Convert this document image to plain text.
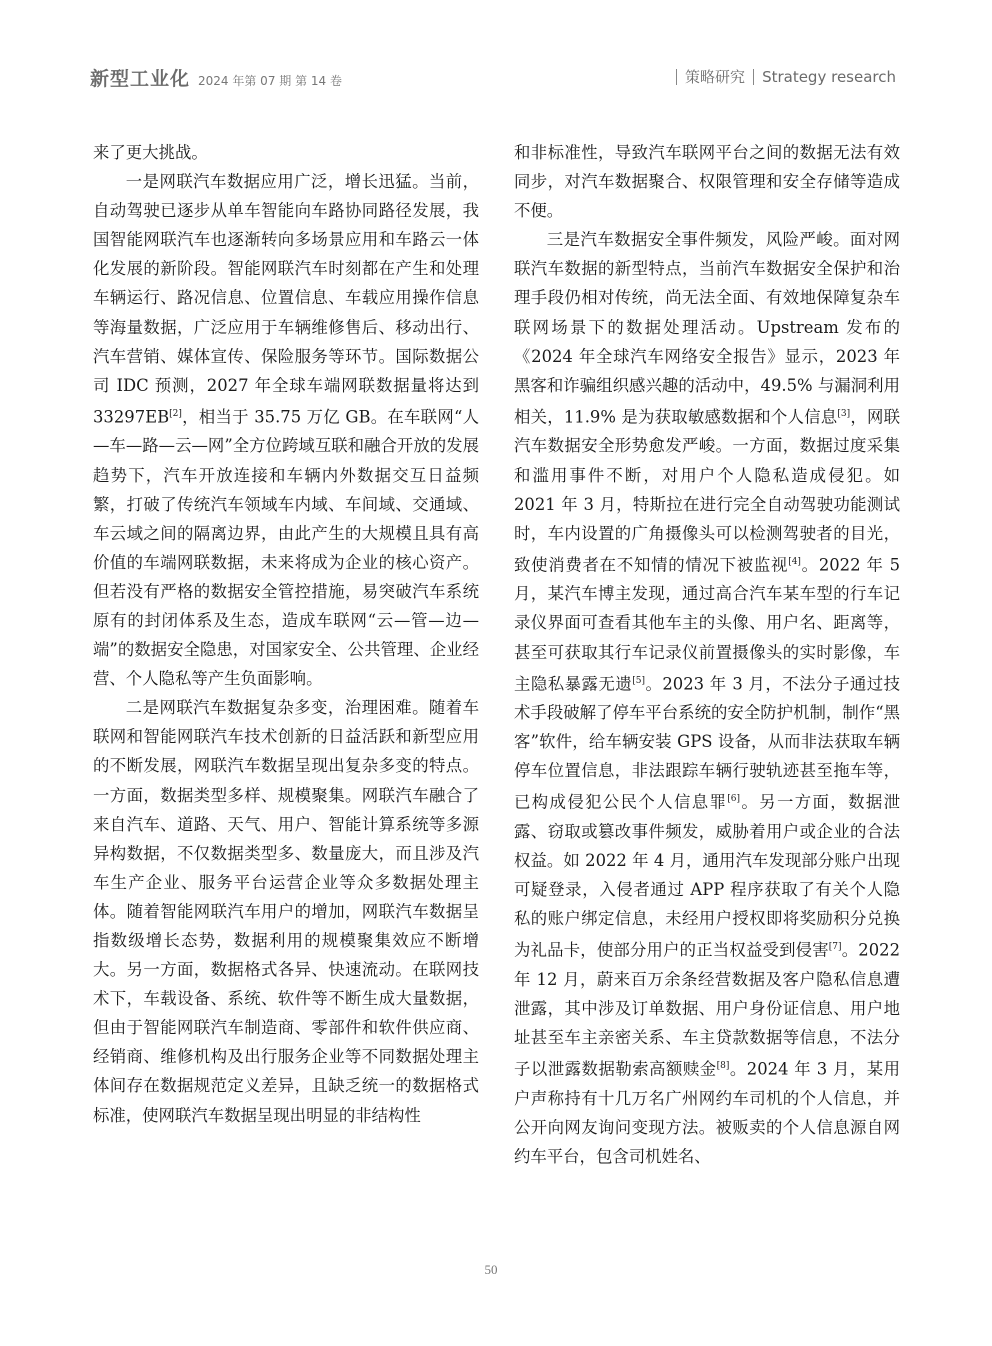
新型工业化 2024 年第 07 期 第 14 卷	策略研究 Strategy research

来了更大挑战。

一是网联汽车数据应用广泛，增长迅猛。当前，自动驾驶已逐步从单车智能向车路协同路径发展，我国智能网联汽车也逐渐转向多场景应用和车路云一体化发展的新阶段。智能网联汽车时刻都在产生和处理车辆运行、路况信息、位置信息、车载应用操作信息等海量数据，广泛应用于车辆维修售后、移动出行、汽车营销、媒体宣传、保险服务等环节。国际数据公司 IDC 预测，2027 年全球车端网联数据量将达到 33297EB[2]，相当于 35.75 万亿 GB。在车联网“人—车—路—云—网”全方位跨域互联和融合开放的发展趋势下，汽车开放连接和车辆内外数据交互日益频繁，打破了传统汽车领域车内域、车间域、交通域、车云域之间的隔离边界，由此产生的大规模且具有高价值的车端网联数据，未来将成为企业的核心资产。但若没有严格的数据安全管控措施，易突破汽车系统原有的封闭体系及生态，造成车联网“云—管—边—端”的数据安全隐患，对国家安全、公共管理、企业经营、个人隐私等产生负面影响。

二是网联汽车数据复杂多变，治理困难。随着车联网和智能网联汽车技术创新的日益活跃和新型应用的不断发展，网联汽车数据呈现出复杂多变的特点。一方面，数据类型多样、规模聚集。网联汽车融合了来自汽车、道路、天气、用户、智能计算系统等多源异构数据，不仅数据类型多、数量庞大，而且涉及汽车生产企业、服务平台运营企业等众多数据处理主体。随着智能网联汽车用户的增加，网联汽车数据呈指数级增长态势，数据利用的规模聚集效应不断增大。另一方面，数据格式各异、快速流动。在联网技术下，车载设备、系统、软件等不断生成大量数据，但由于智能网联汽车制造商、零部件和软件供应商、经销商、维修机构及出行服务企业等不同数据处理主体间存在数据规范定义差异，且缺乏统一的数据格式标准，使网联汽车数据呈现出明显的非结构性

和非标准性，导致汽车联网平台之间的数据无法有效同步，对汽车数据聚合、权限管理和安全存储等造成不便。

三是汽车数据安全事件频发，风险严峻。面对网联汽车数据的新型特点，当前汽车数据安全保护和治理手段仍相对传统，尚无法全面、有效地保障复杂车联网场景下的数据处理活动。Upstream 发布的《2024 年全球汽车网络安全报告》显示，2023 年黑客和诈骗组织感兴趣的活动中，49.5% 与漏洞利用相关，11.9% 是为获取敏感数据和个人信息[3]，网联汽车数据安全形势愈发严峻。一方面，数据过度采集和滥用事件不断，对用户个人隐私造成侵犯。如 2021 年 3 月，特斯拉在进行完全自动驾驶功能测试时，车内设置的广角摄像头可以检测驾驶者的目光，致使消费者在不知情的情况下被监视[4]。2022 年 5 月，某汽车博主发现，通过高合汽车某车型的行车记录仪界面可查看其他车主的头像、用户名、距离等，甚至可获取其行车记录仪前置摄像头的实时影像，车主隐私暴露无遗[5]。2023 年 3 月，不法分子通过技术手段破解了停车平台系统的安全防护机制，制作“黑客”软件，给车辆安装 GPS 设备，从而非法获取车辆停车位置信息，非法跟踪车辆行驶轨迹甚至拖车等，已构成侵犯公民个人信息罪[6]。另一方面，数据泄露、窃取或篡改事件频发，威胁着用户或企业的合法权益。如 2022 年 4 月，通用汽车发现部分账户出现可疑登录，入侵者通过 APP 程序获取了有关个人隐私的账户绑定信息，未经用户授权即将奖励积分兑换为礼品卡，使部分用户的正当权益受到侵害[7]。2022 年 12 月，蔚来百万余条经营数据及客户隐私信息遭泄露，其中涉及订单数据、用户身份证信息、用户地址甚至车主亲密关系、车主贷款数据等信息，不法分子以泄露数据勒索高额赎金[8]。2024 年 3 月，某用户声称持有十几万名广州网约车司机的个人信息，并公开向网友询问变现方法。被贩卖的个人信息源自网约车平台，包含司机姓名、

50
